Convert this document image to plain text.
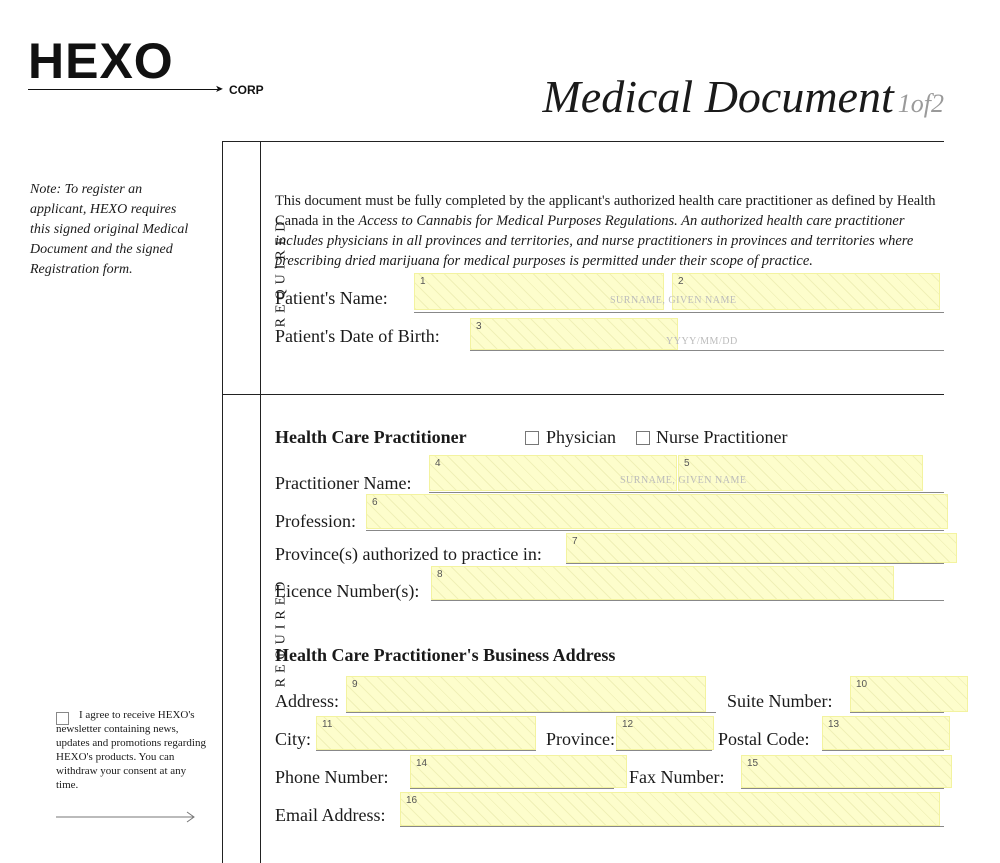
HEXO
➤ CORP	Medical Document 1of2
Note: To register an applicant, HEXO requires this signed original Medical Document and the signed Registration form.
I agree to receive HEXO's newsletter containing news, updates and promotions regarding HEXO's products. You can withdraw your consent at any time.
REQUIRED
REQUIRED
This document must be fully completed by the applicant's authorized health care practitioner as defined by Health Canada in the Access to Cannabis for Medical Purposes Regulations. An authorized health care practitioner includes physicians in all provinces and territories, and nurse practitioners in provinces and territories where prescribing dried marijuana for medical purposes is permitted under their scope of practice.
Patient's Name:
1	2
SURNAME, GIVEN NAME
Patient's Date of Birth:	3
YYYY/MM/DD
Health Care Practitioner	Physician Nurse Practitioner
Practitioner Name:
4	5
SURNAME, GIVEN NAME
Profession:
6
Province(s) authorized to practice in:
7
Licence Number(s):
8
Health Care Practitioner's Business Address
Address:
9
Suite Number:
10
City:
11
Province:
12
Postal Code:
13
Phone Number:
14
Fax Number:
15
Email Address:
16
